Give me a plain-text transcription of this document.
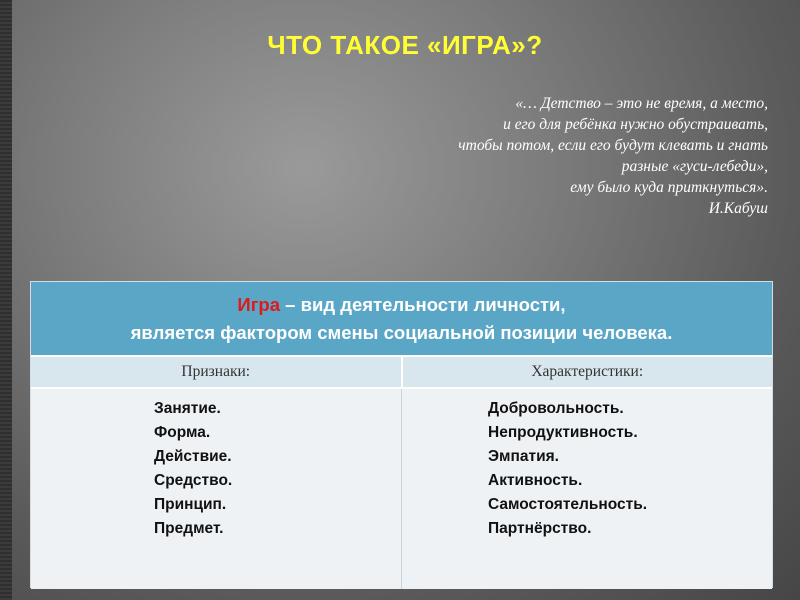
ЧТО ТАКОЕ «ИГРА»?
«… Детство – это не время, а место,
и его для ребёнка нужно обустраивать,
чтобы потом, если его будут клевать и гнать
разные «гуси-лебеди»,
ему было куда приткнуться».
И.Кабуш
Игра – вид деятельности личности,
является фактором смены социальной позиции человека.
Признаки:	Характеристики:
Занятие.
Форма.
Действие.
Средство.
Принцип.
Предмет.
Добровольность.
Непродуктивность.
Эмпатия.
Активность.
Самостоятельность.
Партнёрство.
